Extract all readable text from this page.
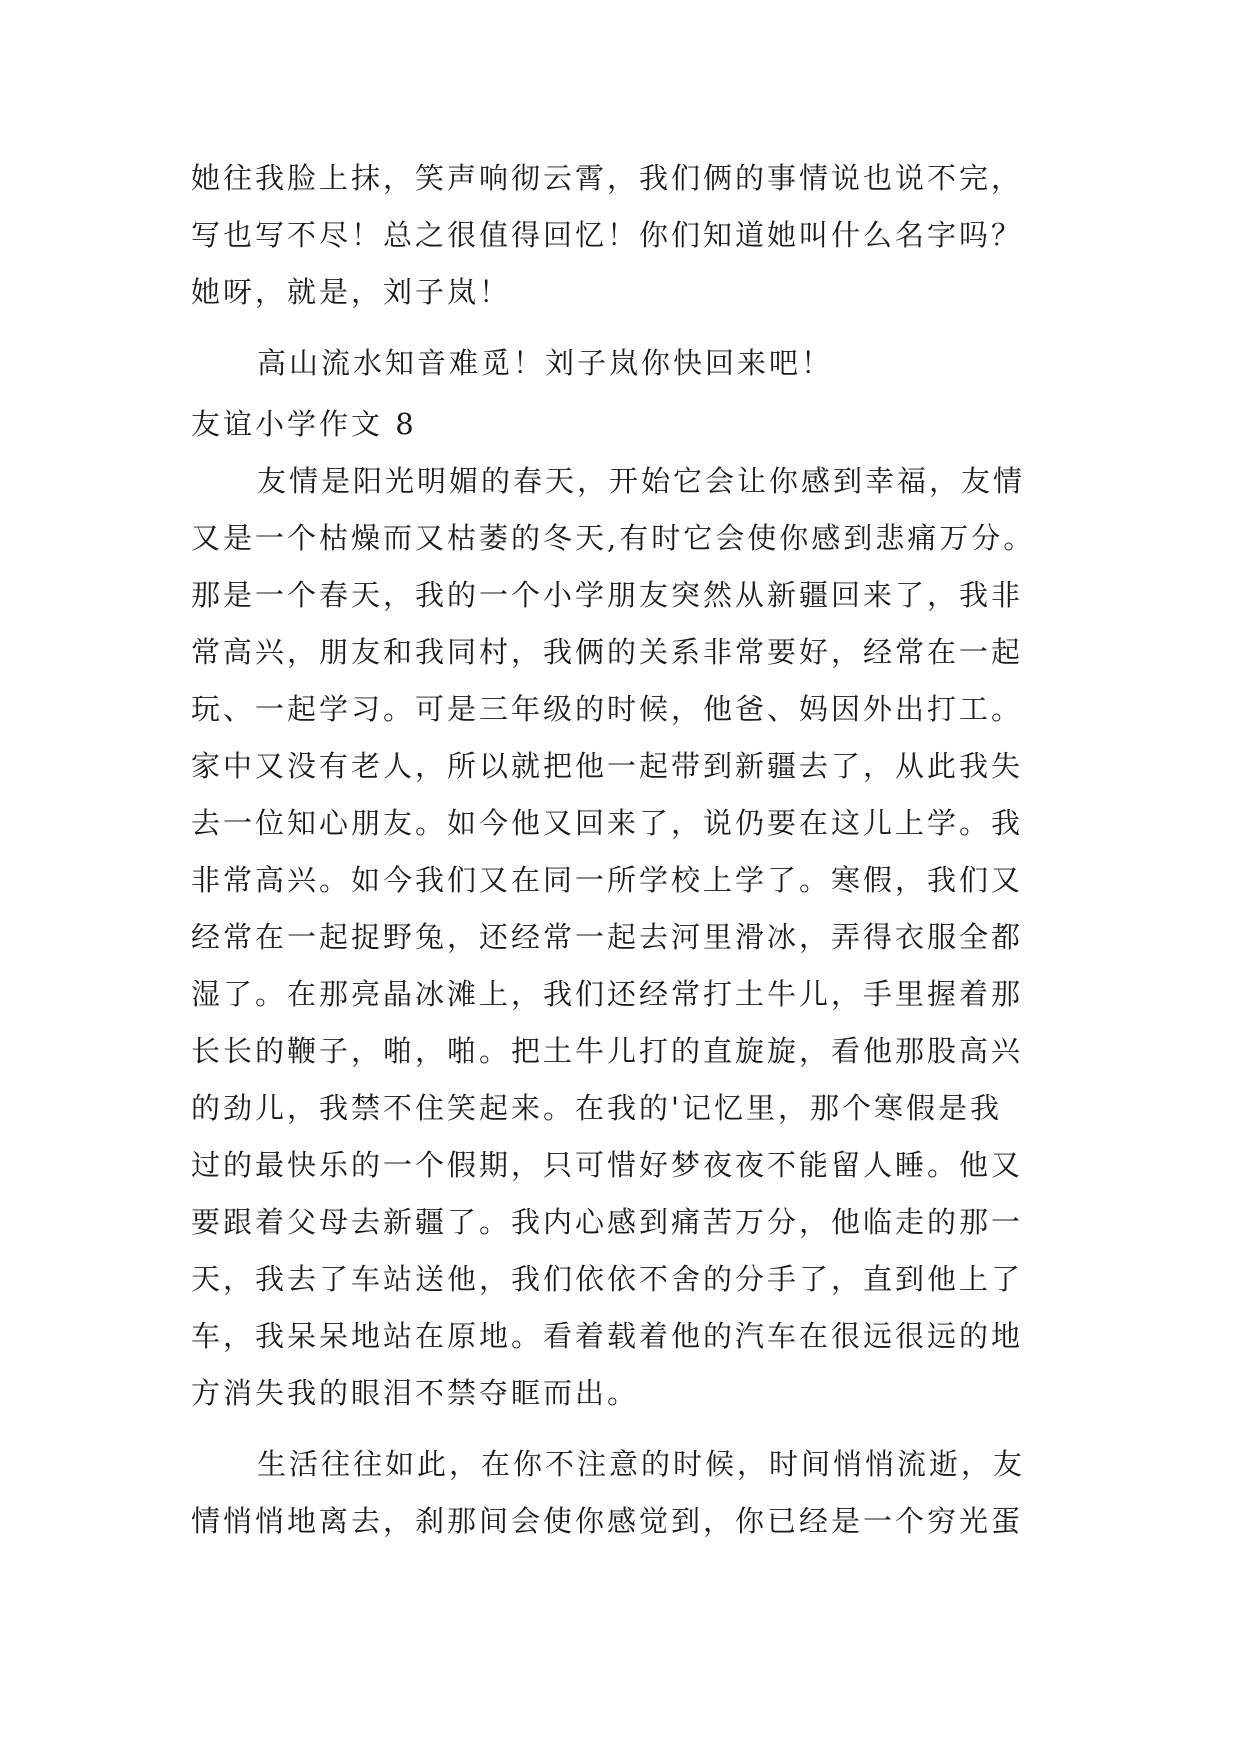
她往我脸上抹，笑声响彻云霄，我们俩的事情说也说不完，
写也写不尽！总之很值得回忆！你们知道她叫什么名字吗？
她呀，就是，刘子岚！
高山流水知音难觅！刘子岚你快回来吧！
友谊小学作文 8
友情是阳光明媚的春天，开始它会让你感到幸福，友情
又是一个枯燥而又枯萎的冬天,有时它会使你感到悲痛万分。
那是一个春天，我的一个小学朋友突然从新疆回来了，我非
常高兴，朋友和我同村，我俩的关系非常要好，经常在一起
玩、一起学习。可是三年级的时候，他爸、妈因外出打工。
家中又没有老人，所以就把他一起带到新疆去了，从此我失
去一位知心朋友。如今他又回来了，说仍要在这儿上学。我
非常高兴。如今我们又在同一所学校上学了。寒假，我们又
经常在一起捉野兔，还经常一起去河里滑冰，弄得衣服全都
湿了。在那亮晶冰滩上，我们还经常打土牛儿，手里握着那
长长的鞭子，啪，啪。把土牛儿打的直旋旋，看他那股高兴
的劲儿，我禁不住笑起来。在我的'记忆里，那个寒假是我
过的最快乐的一个假期，只可惜好梦夜夜不能留人睡。他又
要跟着父母去新疆了。我内心感到痛苦万分，他临走的那一
天，我去了车站送他，我们依依不舍的分手了，直到他上了
车，我呆呆地站在原地。看着载着他的汽车在很远很远的地
方消失我的眼泪不禁夺眶而出。
生活往往如此，在你不注意的时候，时间悄悄流逝，友
情悄悄地离去，刹那间会使你感觉到，你已经是一个穷光蛋
